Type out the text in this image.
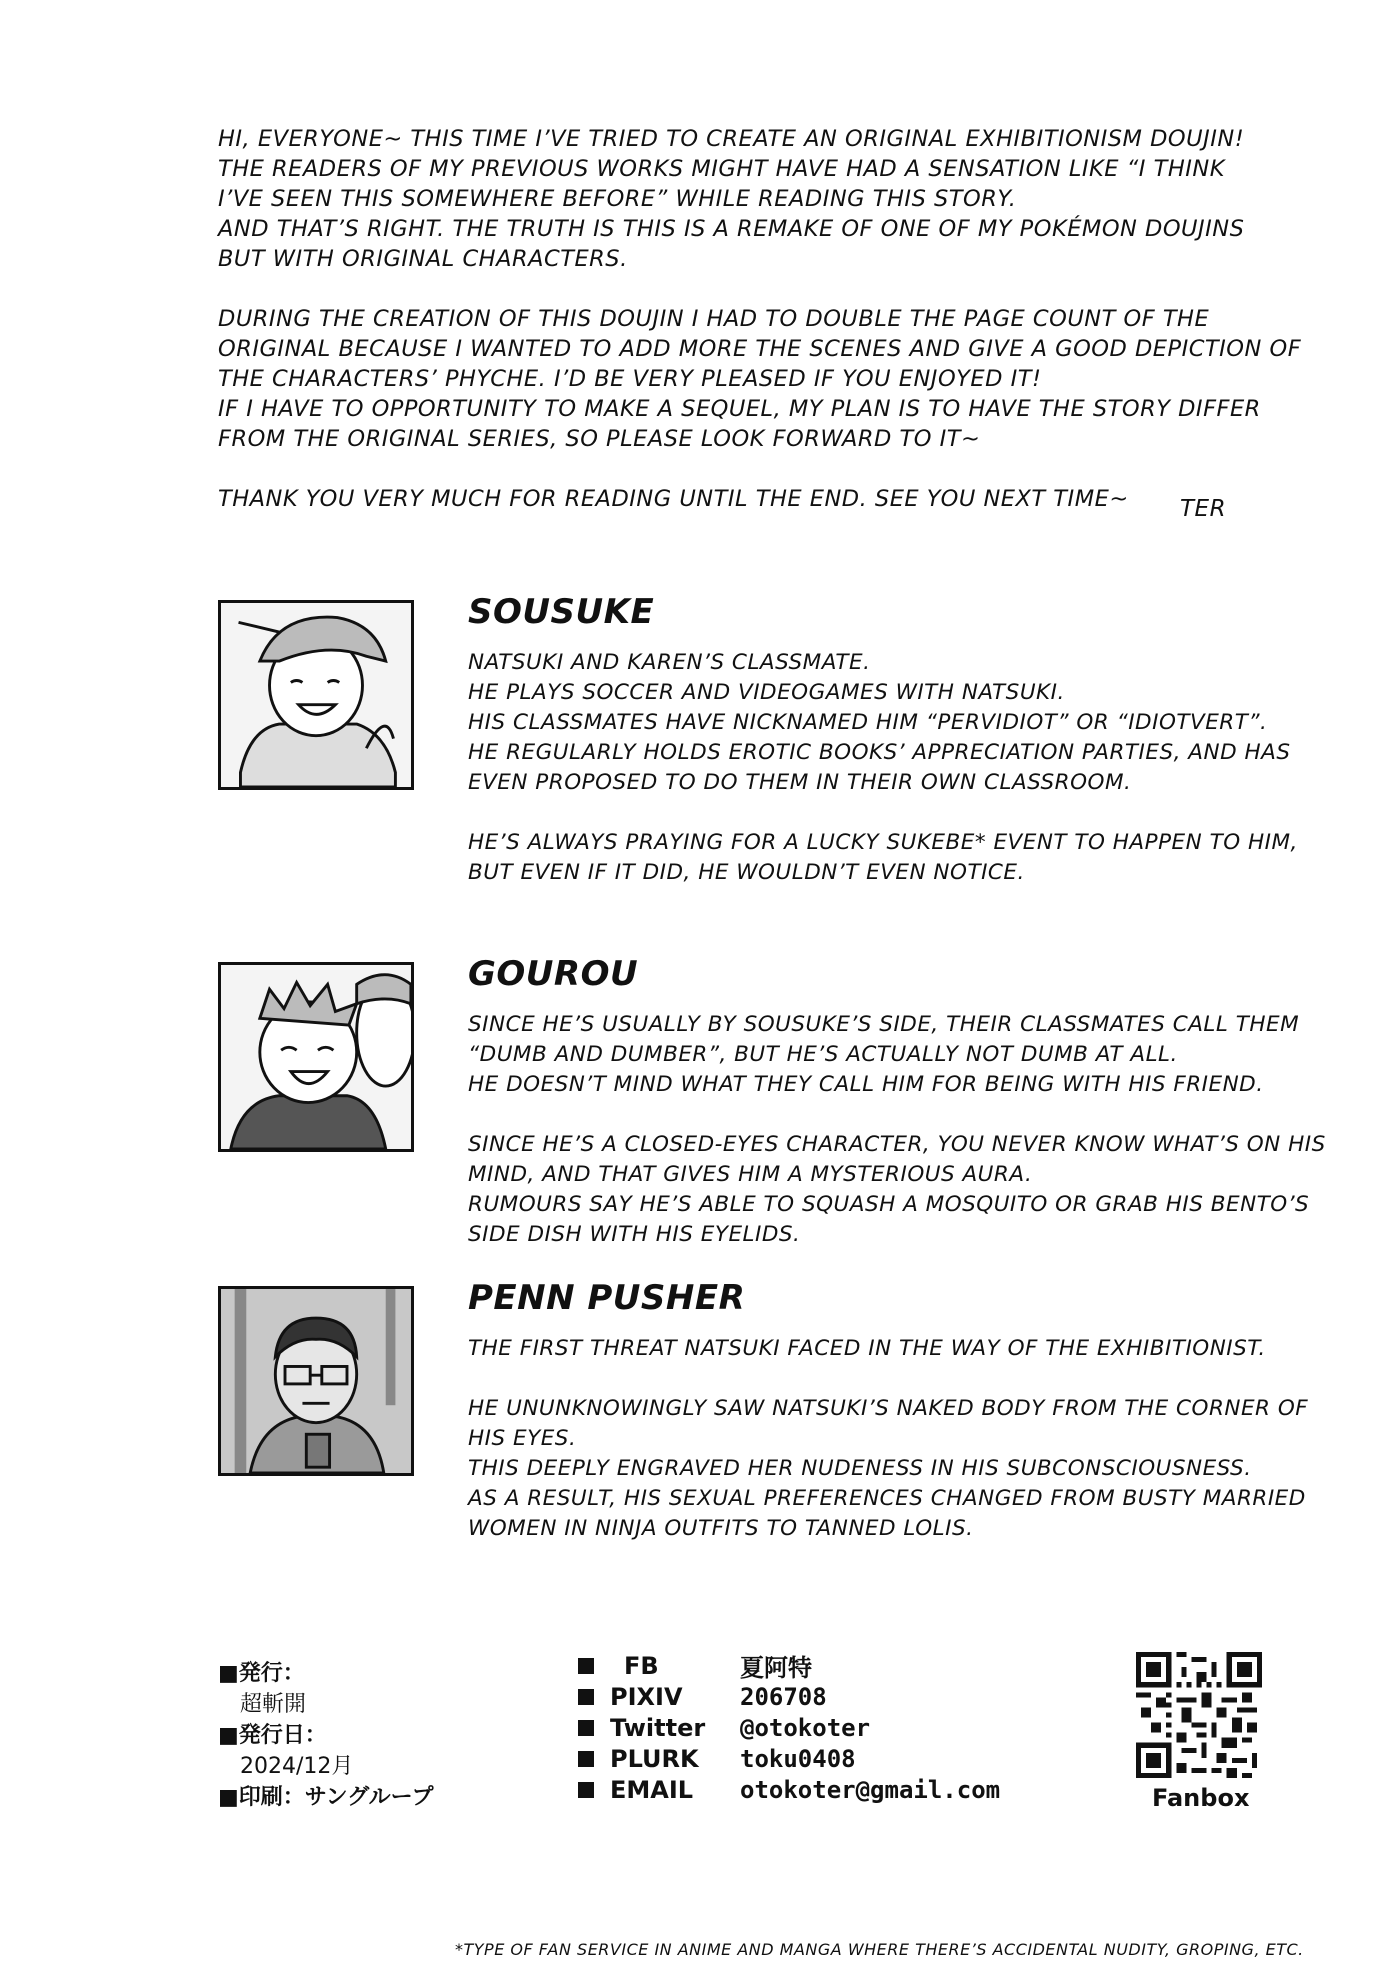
HI, EVERYONE~ THIS TIME I’VE TRIED TO CREATE AN ORIGINAL EXHIBITIONISM DOUJIN!
THE READERS OF MY PREVIOUS WORKS MIGHT HAVE HAD A SENSATION LIKE “I THINK
I’VE SEEN THIS SOMEWHERE BEFORE” WHILE READING THIS STORY.
AND THAT’S RIGHT. THE TRUTH IS THIS IS A REMAKE OF ONE OF MY POKÉMON DOUJINS
BUT WITH ORIGINAL CHARACTERS.
DURING THE CREATION OF THIS DOUJIN I HAD TO DOUBLE THE PAGE COUNT OF THE
ORIGINAL BECAUSE I WANTED TO ADD MORE THE SCENES AND GIVE A GOOD DEPICTION OF
THE CHARACTERS’ PHYCHE. I’D BE VERY PLEASED IF YOU ENJOYED IT!
IF I HAVE TO OPPORTUNITY TO MAKE A SEQUEL, MY PLAN IS TO HAVE THE STORY DIFFER
FROM THE ORIGINAL SERIES, SO PLEASE LOOK FORWARD TO IT~
THANK YOU VERY MUCH FOR READING UNTIL THE END. SEE YOU NEXT TIME~	TER
SOUSUKE
NATSUKI AND KAREN’S CLASSMATE.
HE PLAYS SOCCER AND VIDEOGAMES WITH NATSUKI.
HIS CLASSMATES HAVE NICKNAMED HIM “PERVIDIOT” OR “IDIOTVERT”.
HE REGULARLY HOLDS EROTIC BOOKS’ APPRECIATION PARTIES, AND HAS
EVEN PROPOSED TO DO THEM IN THEIR OWN CLASSROOM.
HE’S ALWAYS PRAYING FOR A LUCKY SUKEBE* EVENT TO HAPPEN TO HIM,
BUT EVEN IF IT DID, HE WOULDN’T EVEN NOTICE.
GOUROU
SINCE HE’S USUALLY BY SOUSUKE’S SIDE, THEIR CLASSMATES CALL THEM
“DUMB AND DUMBER”, BUT HE’S ACTUALLY NOT DUMB AT ALL.
HE DOESN’T MIND WHAT THEY CALL HIM FOR BEING WITH HIS FRIEND.
SINCE HE’S A CLOSED-EYES CHARACTER, YOU NEVER KNOW WHAT’S ON HIS
MIND, AND THAT GIVES HIM A MYSTERIOUS AURA.
RUMOURS SAY HE’S ABLE TO SQUASH A MOSQUITO OR GRAB HIS BENTO’S
SIDE DISH WITH HIS EYELIDS.
PENN PUSHER
THE FIRST THREAT NATSUKI FACED IN THE WAY OF THE EXHIBITIONIST.
HE UNUNKNOWINGLY SAW NATSUKI’S NAKED BODY FROM THE CORNER OF
HIS EYES.
THIS DEEPLY ENGRAVED HER NUDENESS IN HIS SUBCONSCIOUSNESS.
AS A RESULT, HIS SEXUAL PREFERENCES CHANGED FROM BUSTY MARRIED
WOMEN IN NINJA OUTFITS TO TANNED LOLIS.
■発行：
超斬開
■発行日：
2024/12月
■印刷：サングループ
FB	夏阿特
PIXIV	206708
Twitter	@otokoter
PLURK	toku0408
EMAIL	otokoter@gmail.com	Fanbox
*TYPE OF FAN SERVICE IN ANIME AND MANGA WHERE THERE’S ACCIDENTAL NUDITY, GROPING, ETC.
